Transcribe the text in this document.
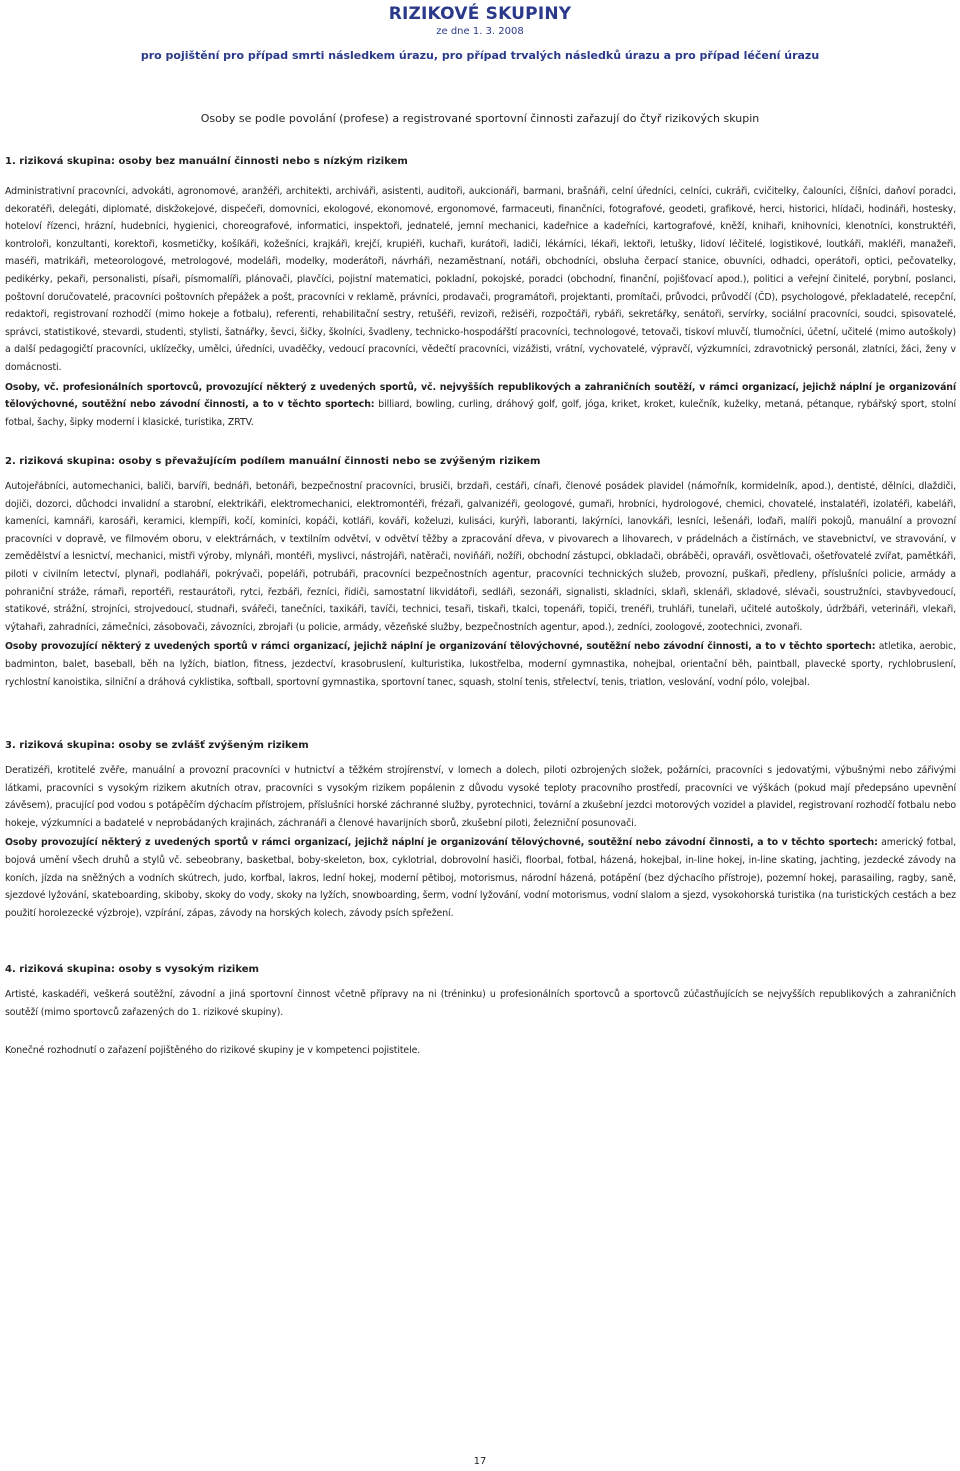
RIZIKOVÉ SKUPINY
ze dne 1. 3. 2008
pro pojištění pro případ smrti následkem úrazu, pro případ trvalých následků úrazu a pro případ léčení úrazu
Osoby se podle povolání (profese) a registrované sportovní činnosti zařazují do čtyř rizikových skupin

1. riziková skupina: osoby bez manuální činnosti nebo s nízkým rizikem

Administrativní pracovníci, advokáti, agronomové, aranžéři, architekti, archiváři, asistenti, auditoři, aukcionáři, barmani, brašnáři, celní úředníci, celníci, cukráři, cvičitelky, čalouníci, číšníci, daňoví poradci, dekoratéři, delegáti, diplomaté, diskžokejové, dispečeři, domovníci, ekologové, ekonomové, ergonomové, farmaceuti, finančníci, fotografové, geodeti, grafikové, herci, historici, hlídači, hodináři, hostesky, hoteloví řízenci, hrázní, hudebníci, hygienici, choreografové, informatici, inspektoři, jednatelé, jemní mechanici, kadeřnice a kadeřníci, kartografové, kněží, knihaři, knihovníci, klenotníci, konstruktéři, kontroloři, konzultanti, korektoři, kosmetičky, košíkáři, kožešníci, krajkáři, krejčí, krupiéři, kuchaři, kurátoři, ladiči, lékárníci, lékaři, lektoři, letušky, lidoví léčitelé, logistikové, loutkáři, makléři, manažeři, maséři, matrikáři, meteorologové, metrologové, modeláři, modelky, moderátoři, návrháři, nezaměstnaní, notáři, obchodníci, obsluha čerpací stanice, obuvníci, odhadci, operátoři, optici, pečovatelky, pedikérky, pekaři, personalisti, písaři, písmomalíři, plánovači, plavčíci, pojistní matematici, pokladní, pokojské, poradci (obchodní, finanční, pojišťovací apod.), politici a veřejní činitelé, porybní, poslanci, poštovní doručovatelé, pracovníci poštovních přepážek a pošt, pracovníci v reklamě, právníci, prodavači, programátoři, projektanti, promítači, průvodci, průvodčí (ČD), psychologové, překladatelé, recepční, redaktoři, registrovaní rozhodčí (mimo hokeje a fotbalu), referenti, rehabilitační sestry, retušéři, revizoři, režiséři, rozpočtáři, rybáři, sekretářky, senátoři, servírky, sociální pracovníci, soudci, spisovatelé, správci, statistikové, stevardi, studenti, stylisti, šatnářky, ševci, šičky, školníci, švadleny, technicko-hospodářští pracovníci, technologové, tetovači, tiskoví mluvčí, tlumočníci, účetní, učitelé (mimo autoškoly) a další pedagogičtí pracovníci, uklízečky, umělci, úředníci, uvaděčky, vedoucí pracovníci, vědečtí pracovníci, vizážisti, vrátní, vychovatelé, výpravčí, výzkumníci, zdravotnický personál, zlatníci, žáci, ženy v domácnosti.

Osoby, vč. profesionálních sportovců, provozující některý z uvedených sportů, vč. nejvyšších republikových a zahraničních soutěží, v rámci organizací, jejichž náplní je organizování tělovýchovné, soutěžní nebo závodní činnosti, a to v těchto sportech: billiard, bowling, curling, dráhový golf, golf, jóga, kriket, kroket, kulečník, kuželky, metaná, pétanque, rybářský sport, stolní fotbal, šachy, šipky moderní i klasické, turistika, ZRTV.

2. riziková skupina: osoby s převažujícím podílem manuální činnosti nebo se zvýšeným rizikem

Autojeřábníci, automechanici, baliči, barvíři, bednáři, betonáři, bezpečnostní pracovníci, brusiči, brzdaři, cestáři, cínaři, členové posádek plavidel (námořník, kormidelník, apod.), dentisté, dělníci, dlaždiči, dojiči, dozorci, důchodci invalidní a starobní, elektrikáři, elektromechanici, elektromontéři, frézaři, galvanizéři, geologové, gumaři, hrobníci, hydrologové, chemici, chovatelé, instalatéři, izolatéři, kabeláři, kameníci, kamnáři, karosáři, keramici, klempíři, kočí, kominíci, kopáči, kotláři, kováři, koželuzi, kulisáci, kurýři, laboranti, lakýrníci, lanovkáři, lesníci, lešenáři, loďaři, malíři pokojů, manuální a provozní pracovníci v dopravě, ve filmovém oboru, v elektrárnách, v textilním odvětví, v odvětví těžby a zpracování dřeva, v pivovarech a lihovarech, v prádelnách a čistírnách, ve stavebnictví, ve stravování, v zemědělství a lesnictví, mechanici, mistři výroby, mlynáři, montéři, myslivci, nástrojáři, natěrači, noviňáři, nožíři, obchodní zástupci, obkladači, obráběči, opraváři, osvětlovači, ošetřovatelé zvířat, pamětkáři, piloti v civilním letectví, plynaři, podlaháři, pokrývači, popeláři, potrubáři, pracovníci bezpečnostních agentur, pracovníci technických služeb, provozní, puškaři, předleny, příslušníci policie, armády a pohraniční stráže, rámaři, reportéři, restaurátoři, rytci, řezbáři, řezníci, řidiči, samostatní likvidátoři, sedláři, sezonáři, signalisti, skladníci, sklaři, sklenáři, skladové, slévači, soustružníci, stavbyvedoucí, statikové, strážní, strojníci, strojvedoucí, studnaři, svářeči, tanečníci, taxikáři, tavíči, technici, tesaři, tiskaři, tkalci, topenáři, topiči, trenéři, truhláři, tunelaři, učitelé autoškoly, údržbáři, veterináři, vlekaři, výtahaři, zahradníci, zámečníci, zásobovači, závozníci, zbrojaři (u policie, armády, vězeňské služby, bezpečnostních agentur, apod.), zedníci, zoologové, zootechnici, zvonaři.

Osoby provozující některý z uvedených sportů v rámci organizací, jejichž náplní je organizování tělovýchovné, soutěžní nebo závodní činnosti, a to v těchto sportech: atletika, aerobic, badminton, balet, baseball, běh na lyžích, biatlon, fitness, jezdectví, krasobruslení, kulturistika, lukostřelba, moderní gymnastika, nohejbal, orientační běh, paintball, plavecké sporty, rychlobruslení, rychlostní kanoistika, silniční a dráhová cyklistika, softball, sportovní gymnastika, sportovní tanec, squash, stolní tenis, střelectví, tenis, triatlon, veslování, vodní pólo, volejbal.

3. riziková skupina: osoby se zvlášť zvýšeným rizikem

Deratizéři, krotitelé zvěře, manuální a provozní pracovníci v hutnictví a těžkém strojírenství, v lomech a dolech, piloti ozbrojených složek, požárníci, pracovníci s jedovatými, výbušnými nebo zářivými látkami, pracovníci s vysokým rizikem akutních otrav, pracovníci s vysokým rizikem popálenin z důvodu vysoké teploty pracovního prostředí, pracovníci ve výškách (pokud mají předepsáno upevnění závěsem), pracující pod vodou s potápěčím dýchacím přístrojem, příslušníci horské záchranné služby, pyrotechnici, tovární a zkušební jezdci motorových vozidel a plavidel, registrovaní rozhodčí fotbalu nebo hokeje, výzkumníci a badatelé v neprobádaných krajinách, záchranáři a členové havarijních sborů, zkušební piloti, železniční posunovači.

Osoby provozující některý z uvedených sportů v rámci organizací, jejichž náplní je organizování tělovýchovné, soutěžní nebo závodní činnosti, a to v těchto sportech: americký fotbal, bojová umění všech druhů a stylů vč. sebeobrany, basketbal, boby-skeleton, box, cyklotrial, dobrovolní hasiči, floorbal, fotbal, házená, hokejbal, in-line hokej, in-line skating, jachting, jezdecké závody na koních, jízda na sněžných a vodních skútrech, judo, korfbal, lakros, lední hokej, moderní pětiboj, motorismus, národní házená, potápění (bez dýchacího přístroje), pozemní hokej, parasailing, ragby, saně, sjezdové lyžování, skateboarding, skiboby, skoky do vody, skoky na lyžích, snowboarding, šerm, vodní lyžování, vodní motorismus, vodní slalom a sjezd, vysokohorská turistika (na turistických cestách a bez použití horolezecké výzbroje), vzpírání, zápas, závody na horských kolech, závody psích spřežení.

4. riziková skupina: osoby s vysokým rizikem

Artisté, kaskadéři, veškerá soutěžní, závodní a jiná sportovní činnost včetně přípravy na ni (tréninku) u profesionálních sportovců a sportovců zúčastňujících se nejvyšších republikových a zahraničních soutěží (mimo sportovců zařazených do 1. rizikové skupiny).

Konečné rozhodnutí o zařazení pojištěného do rizikové skupiny je v kompetenci pojistitele.

17
